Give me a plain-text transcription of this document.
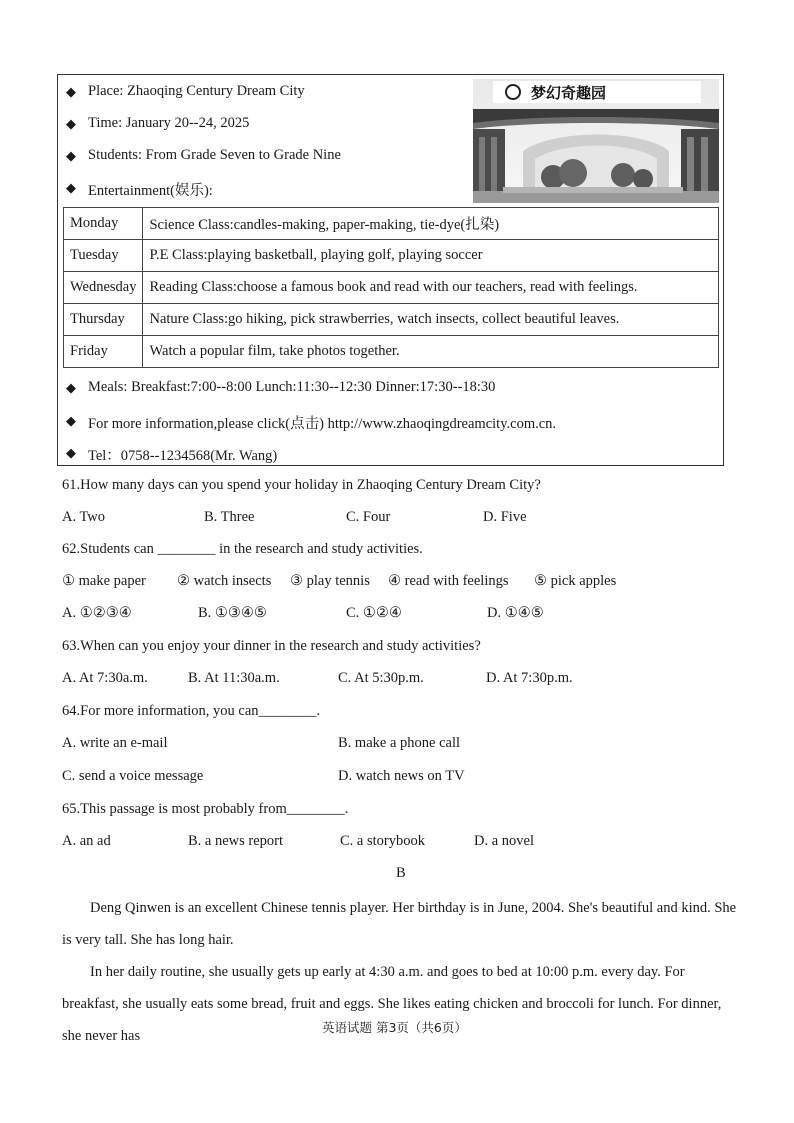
◆ Place: Zhaoqing Century Dream City
◆ Time: January 20--24, 2025
◆ Students: From Grade Seven to Grade Nine
◆ Entertainment(娱乐):
梦幻奇趣园
◆ Meals: Breakfast:7:00--8:00 Lunch:11:30--12:30 Dinner:17:30--18:30
◆ For more information,please click(点击) http://www.zhaoqingdreamcity.com.cn.
◆ Tel：0758--1234568(Mr. Wang)
Monday	Science Class:candles-making, paper-making, tie-dye(扎染)
Tuesday	P.E Class:playing basketball, playing golf, playing soccer
Wednesday	Reading Class:choose a famous book and read with our teachers, read with feelings.
Thursday	Nature Class:go hiking, pick strawberries, watch insects, collect beautiful leaves.
Friday	Watch a popular film, take photos together.
61.How many days can you spend your holiday in Zhaoqing Century Dream City?
A. Two	B. Three	C. Four	D. Five
62.Students can ________ in the research and study activities.
① make paper ② watch insects ③ play tennis ④ read with feelings ⑤ pick apples
A. ①②③④	B. ①③④⑤	C. ①②④	D. ①④⑤
63.When can you enjoy your dinner in the research and study activities?
A. At 7:30a.m.	B. At 11:30a.m.	C. At 5:30p.m.	D. At 7:30p.m.
64.For more information, you can________.
A. write an e-mail	B. make a phone call
C. send a voice message	D. watch news on TV
65.This passage is most probably from________.
A. an ad	B. a news report	C. a storybook	D. a novel
B
Deng Qinwen is an excellent Chinese tennis player. Her birthday is in June, 2004. She's beautiful and kind. She is very tall. She has long hair.
In her daily routine, she usually gets up early at 4:30 a.m. and goes to bed at 10:00 p.m. every day. For breakfast, she usually eats some bread, fruit and eggs. She likes eating chicken and broccoli for lunch. For dinner, she never has
英语试题 第3页（共6页）
